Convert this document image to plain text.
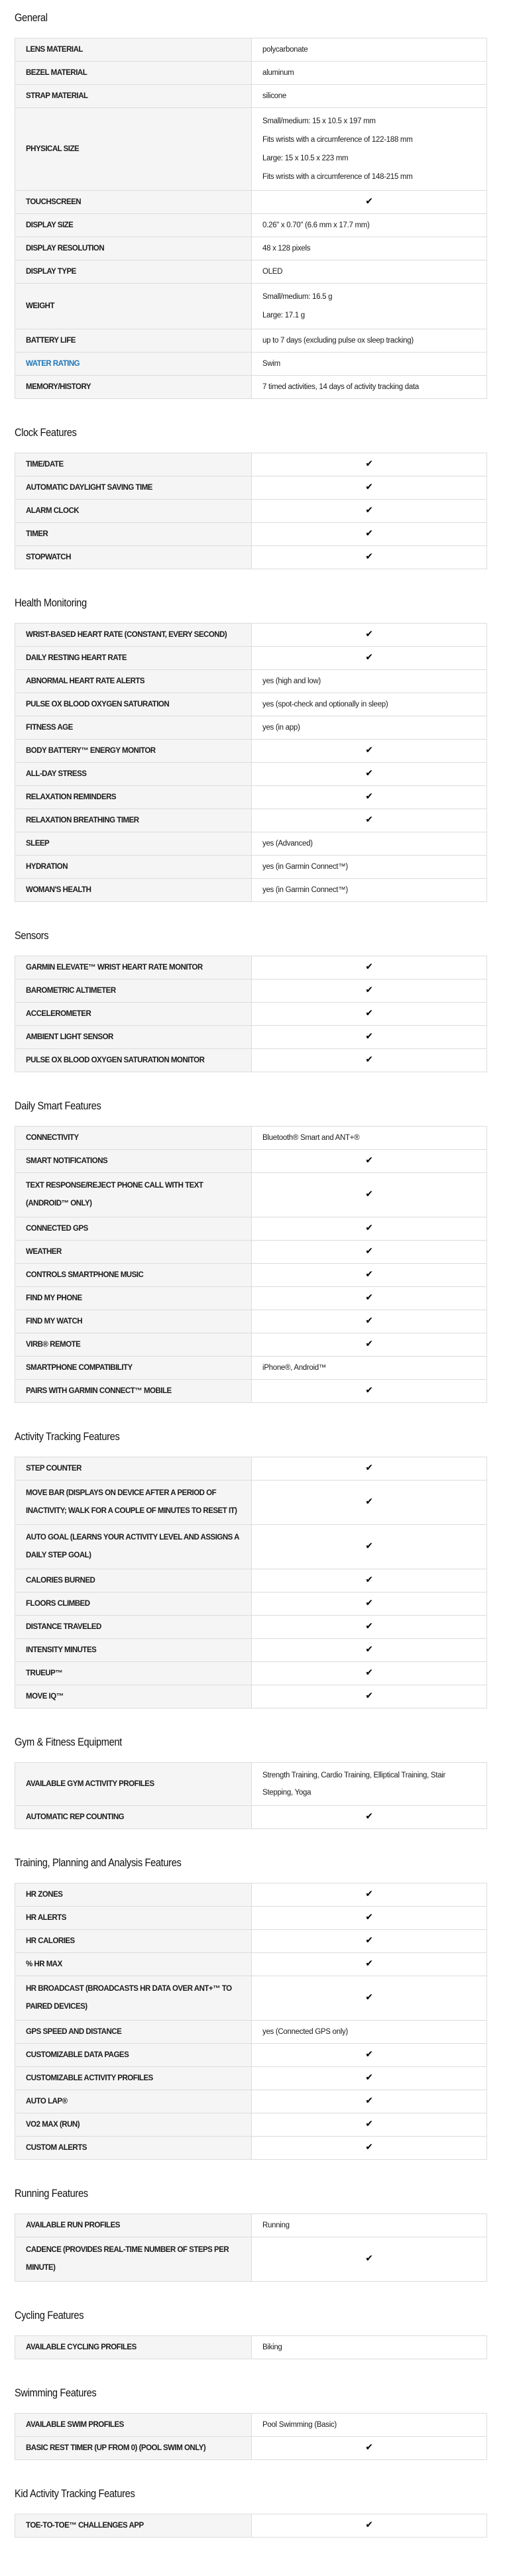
General
LENS MATERIAL	polycarbonate
BEZEL MATERIAL	aluminum
STRAP MATERIAL	silicone
PHYSICAL SIZE	Small/medium: 15 x 10.5 x 197 mm
Fits wrists with a circumference of 122-188 mm
Large: 15 x 10.5 x 223 mm
Fits wrists with a circumference of 148-215 mm

TOUCHSCREEN	✔
DISPLAY SIZE	0.26" x 0.70" (6.6 mm x 17.7 mm)
DISPLAY RESOLUTION	48 x 128 pixels
DISPLAY TYPE	OLED
WEIGHT	Small/medium: 16.5 g
Large: 17.1 g

BATTERY LIFE	up to 7 days (excluding pulse ox sleep tracking)
WATER RATING	Swim
MEMORY/HISTORY	7 timed activities, 14 days of activity tracking data
Clock Features
TIME/DATE	✔
AUTOMATIC DAYLIGHT SAVING TIME	✔
ALARM CLOCK	✔
TIMER	✔
STOPWATCH	✔
Health Monitoring
WRIST-BASED HEART RATE (CONSTANT, EVERY SECOND)	✔
DAILY RESTING HEART RATE	✔
ABNORMAL HEART RATE ALERTS	yes (high and low)
PULSE OX BLOOD OXYGEN SATURATION	yes (spot-check and optionally in sleep)
FITNESS AGE	yes (in app)
BODY BATTERY™ ENERGY MONITOR	✔
ALL-DAY STRESS	✔
RELAXATION REMINDERS	✔
RELAXATION BREATHING TIMER	✔
SLEEP	yes (Advanced)
HYDRATION	yes (in Garmin Connect™)
WOMAN'S HEALTH	yes (in Garmin Connect™)
Sensors
GARMIN ELEVATE™ WRIST HEART RATE MONITOR	✔
BAROMETRIC ALTIMETER	✔
ACCELEROMETER	✔
AMBIENT LIGHT SENSOR	✔
PULSE OX BLOOD OXYGEN SATURATION MONITOR	✔
Daily Smart Features
CONNECTIVITY	Bluetooth® Smart and ANT+®
SMART NOTIFICATIONS	✔
TEXT RESPONSE/REJECT PHONE CALL WITH TEXT (ANDROID™ ONLY)	✔
CONNECTED GPS	✔
WEATHER	✔
CONTROLS SMARTPHONE MUSIC	✔
FIND MY PHONE	✔
FIND MY WATCH	✔
VIRB® REMOTE	✔
SMARTPHONE COMPATIBILITY	iPhone®, Android™
PAIRS WITH GARMIN CONNECT™ MOBILE	✔
Activity Tracking Features
STEP COUNTER	✔
MOVE BAR (DISPLAYS ON DEVICE AFTER A PERIOD OF INACTIVITY; WALK FOR A COUPLE OF MINUTES TO RESET IT)	✔
AUTO GOAL (LEARNS YOUR ACTIVITY LEVEL AND ASSIGNS A DAILY STEP GOAL)	✔
CALORIES BURNED	✔
FLOORS CLIMBED	✔
DISTANCE TRAVELED	✔
INTENSITY MINUTES	✔
TRUEUP™	✔
MOVE IQ™	✔
Gym & Fitness Equipment
AVAILABLE GYM ACTIVITY PROFILES	Strength Training, Cardio Training, Elliptical Training, Stair Stepping, Yoga
AUTOMATIC REP COUNTING	✔
Training, Planning and Analysis Features
HR ZONES	✔
HR ALERTS	✔
HR CALORIES	✔
% HR MAX	✔
HR BROADCAST (BROADCASTS HR DATA OVER ANT+™ TO PAIRED DEVICES)	✔
GPS SPEED AND DISTANCE	yes (Connected GPS only)
CUSTOMIZABLE DATA PAGES	✔
CUSTOMIZABLE ACTIVITY PROFILES	✔
AUTO LAP®	✔
VO2 MAX (RUN)	✔
CUSTOM ALERTS	✔
Running Features
AVAILABLE RUN PROFILES	Running
CADENCE (PROVIDES REAL-TIME NUMBER OF STEPS PER MINUTE)	✔
Cycling Features
AVAILABLE CYCLING PROFILES	Biking
Swimming Features
AVAILABLE SWIM PROFILES	Pool Swimming (Basic)
BASIC REST TIMER (UP FROM 0) (POOL SWIM ONLY)	✔
Kid Activity Tracking Features
TOE-TO-TOE™ CHALLENGES APP	✔
